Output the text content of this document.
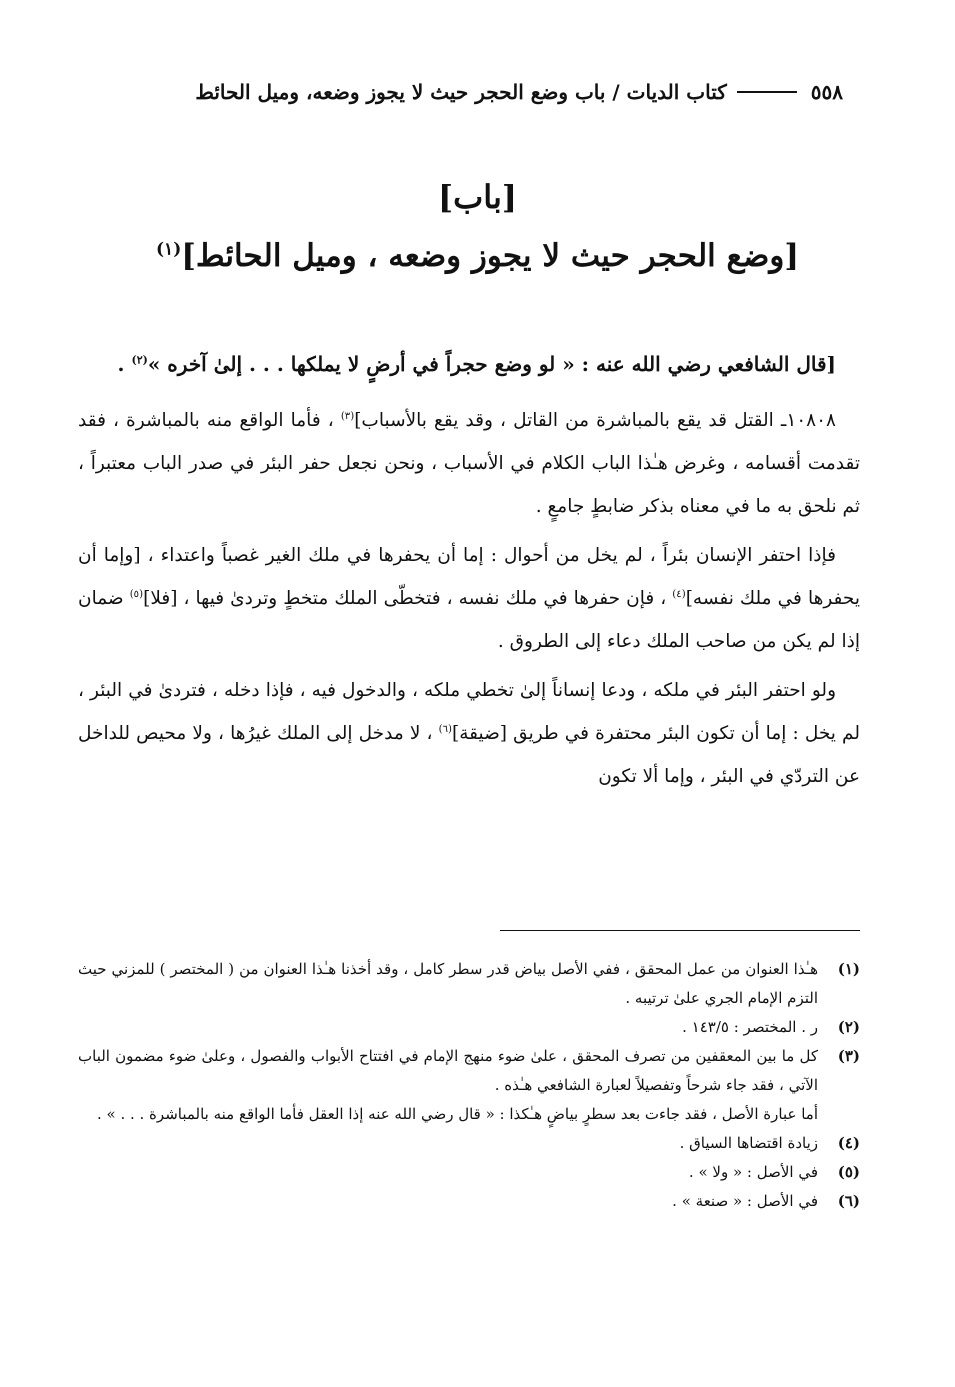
٥٥٨
كتاب الديات / باب وضع الحجر حيث لا يجوز وضعه، وميل الحائط
[باب]
[وضع الحجر حيث لا يجوز وضعه ، وميل الحائط]$^{(١)}$

[قال الشافعي رضي الله عنه : « لو وضع حجراً في أرضٍ لا يملكها . . . إلىٰ آخره »$^{(٢)}$ .

١٠٨٠٨ـ القتل قد يقع بالمباشرة من القاتل ، وقد يقع بالأسباب]$^{(٣)}$ ، فأما الواقع منه بالمباشرة ، فقد تقدمت أقسامه ، وغرض هـٰذا الباب الكلام في الأسباب ، ونحن نجعل حفر البئر في صدر الباب معتبراً ، ثم نلحق به ما في معناه بذكر ضابطٍ جامعٍ .

فإذا احتفر الإنسان بئراً ، لم يخل من أحوال : إما أن يحفرها في ملك الغير غصباً واعتداء ، [وإما أن يحفرها في ملك نفسه]$^{(٤)}$ ، فإن حفرها في ملك نفسه ، فتخطّى الملك متخطٍ وتردىٰ فيها ، [فلا]$^{(٥)}$ ضمان إذا لم يكن من صاحب الملك دعاء إلى الطروق .

ولو احتفر البئر في ملكه ، ودعا إنساناً إلىٰ تخطي ملكه ، والدخول فيه ، فإذا دخله ، فتردىٰ في البئر ، لم يخل : إما أن تكون البئر محتفرة في طريق [ضيقة]$^{(٦)}$ ، لا مدخل إلى الملك غيرُها ، ولا محيص للداخل عن التردّي في البئر ، وإما ألا تكون

(١)
هـٰذا العنوان من عمل المحقق ، ففي الأصل بياض قدر سطر كامل ، وقد أخذنا هـٰذا العنوان من ( المختصر ) للمزني حيث التزم الإمام الجري علىٰ ترتيبه .
(٢)
ر . المختصر : ١٤٣/٥ .
(٣)
كل ما بين المعقفين من تصرف المحقق ، علىٰ ضوء منهج الإمام في افتتاح الأبواب والفصول ، وعلىٰ ضوء مضمون الباب الآتي ، فقد جاء شرحاً وتفصيلاً لعبارة الشافعي هـٰذه .
أما عبارة الأصل ، فقد جاءت بعد سطرٍ بياضٍ هـٰكذا : « قال رضي الله عنه إذا العقل فأما الواقع منه بالمباشرة . . . » .
(٤)
زيادة اقتضاها السياق .
(٥)
في الأصل : « ولا » .
(٦)
في الأصل : « صنعة » .
